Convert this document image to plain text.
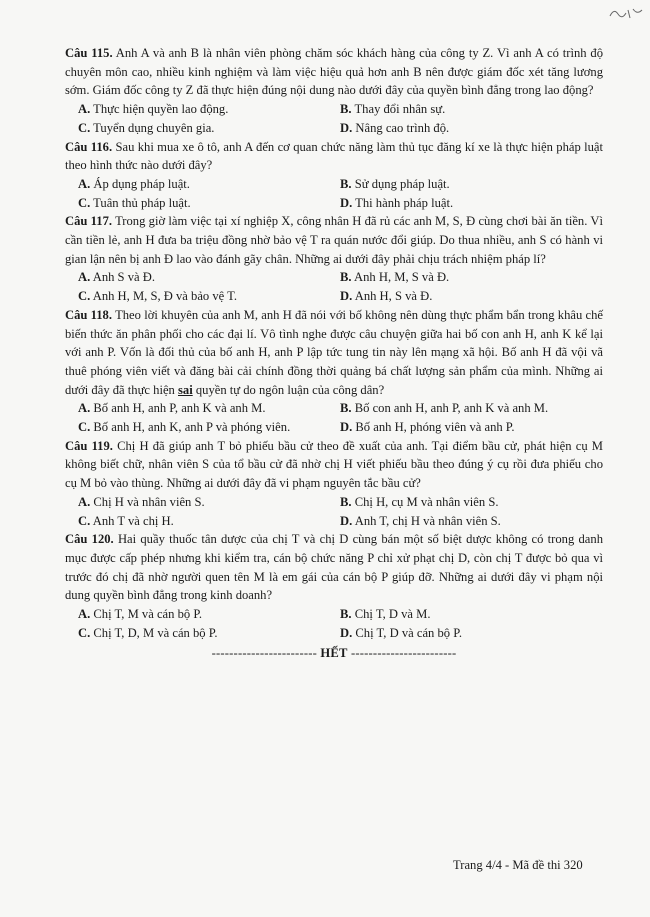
Câu 115. Anh A và anh B là nhân viên phòng chăm sóc khách hàng của công ty Z. Vì anh A có trình độ chuyên môn cao, nhiều kinh nghiệm và làm việc hiệu quả hơn anh B nên được giám đốc xét tăng lương sớm. Giám đốc công ty Z đã thực hiện đúng nội dung nào dưới đây của quyền bình đẳng trong lao động?

A. Thực hiện quyền lao động.	B. Thay đổi nhân sự.
C. Tuyển dụng chuyên gia.	D. Nâng cao trình độ.

Câu 116. Sau khi mua xe ô tô, anh A đến cơ quan chức năng làm thủ tục đăng kí xe là thực hiện pháp luật theo hình thức nào dưới đây?

A. Áp dụng pháp luật.	B. Sử dụng pháp luật.
C. Tuân thủ pháp luật.	D. Thi hành pháp luật.

Câu 117. Trong giờ làm việc tại xí nghiệp X, công nhân H đã rủ các anh M, S, Đ cùng chơi bài ăn tiền. Vì cần tiền lẻ, anh H đưa ba triệu đồng nhờ bảo vệ T ra quán nước đổi giúp. Do thua nhiều, anh S có hành vi gian lận nên bị anh Đ lao vào đánh gãy chân. Những ai dưới đây phải chịu trách nhiệm pháp lí?

A. Anh S và Đ.	B. Anh H, M, S và Đ.
C. Anh H, M, S, Đ và bảo vệ T.	D. Anh H, S và Đ.

Câu 118. Theo lời khuyên của anh M, anh H đã nói với bố không nên dùng thực phẩm bẩn trong khâu chế biến thức ăn phân phối cho các đại lí. Vô tình nghe được câu chuyện giữa hai bố con anh H, anh K kể lại với anh P. Vốn là đối thủ của bố anh H, anh P lập tức tung tin này lên mạng xã hội. Bố anh H đã vội vã thuê phóng viên viết và đăng bài cải chính đồng thời quảng bá chất lượng sản phẩm của mình. Những ai dưới đây đã thực hiện sai quyền tự do ngôn luận của công dân?

A. Bố anh H, anh P, anh K và anh M.	B. Bố con anh H, anh P, anh K và anh M.
C. Bố anh H, anh K, anh P và phóng viên.	D. Bố anh H, phóng viên và anh P.

Câu 119. Chị H đã giúp anh T bỏ phiếu bầu cử theo đề xuất của anh. Tại điểm bầu cử, phát hiện cụ M không biết chữ, nhân viên S của tổ bầu cử đã nhờ chị H viết phiếu bầu theo đúng ý cụ rồi đưa phiếu cho cụ M bỏ vào thùng. Những ai dưới đây đã vi phạm nguyên tắc bầu cử?

A. Chị H và nhân viên S.	B. Chị H, cụ M và nhân viên S.
C. Anh T và chị H.	D. Anh T, chị H và nhân viên S.

Câu 120. Hai quầy thuốc tân dược của chị T và chị D cùng bán một số biệt dược không có trong danh mục được cấp phép nhưng khi kiểm tra, cán bộ chức năng P chỉ xử phạt chị D, còn chị T được bỏ qua vì trước đó chị đã nhờ người quen tên M là em gái của cán bộ P giúp đỡ. Những ai dưới đây vi phạm nội dung quyền bình đẳng trong kinh doanh?

A. Chị T, M và cán bộ P.	B. Chị T, D và M.
C. Chị T, D, M và cán bộ P.	D. Chị T, D và cán bộ P.
------------------------ HẾT ------------------------
Trang 4/4 - Mã đề thi 320
